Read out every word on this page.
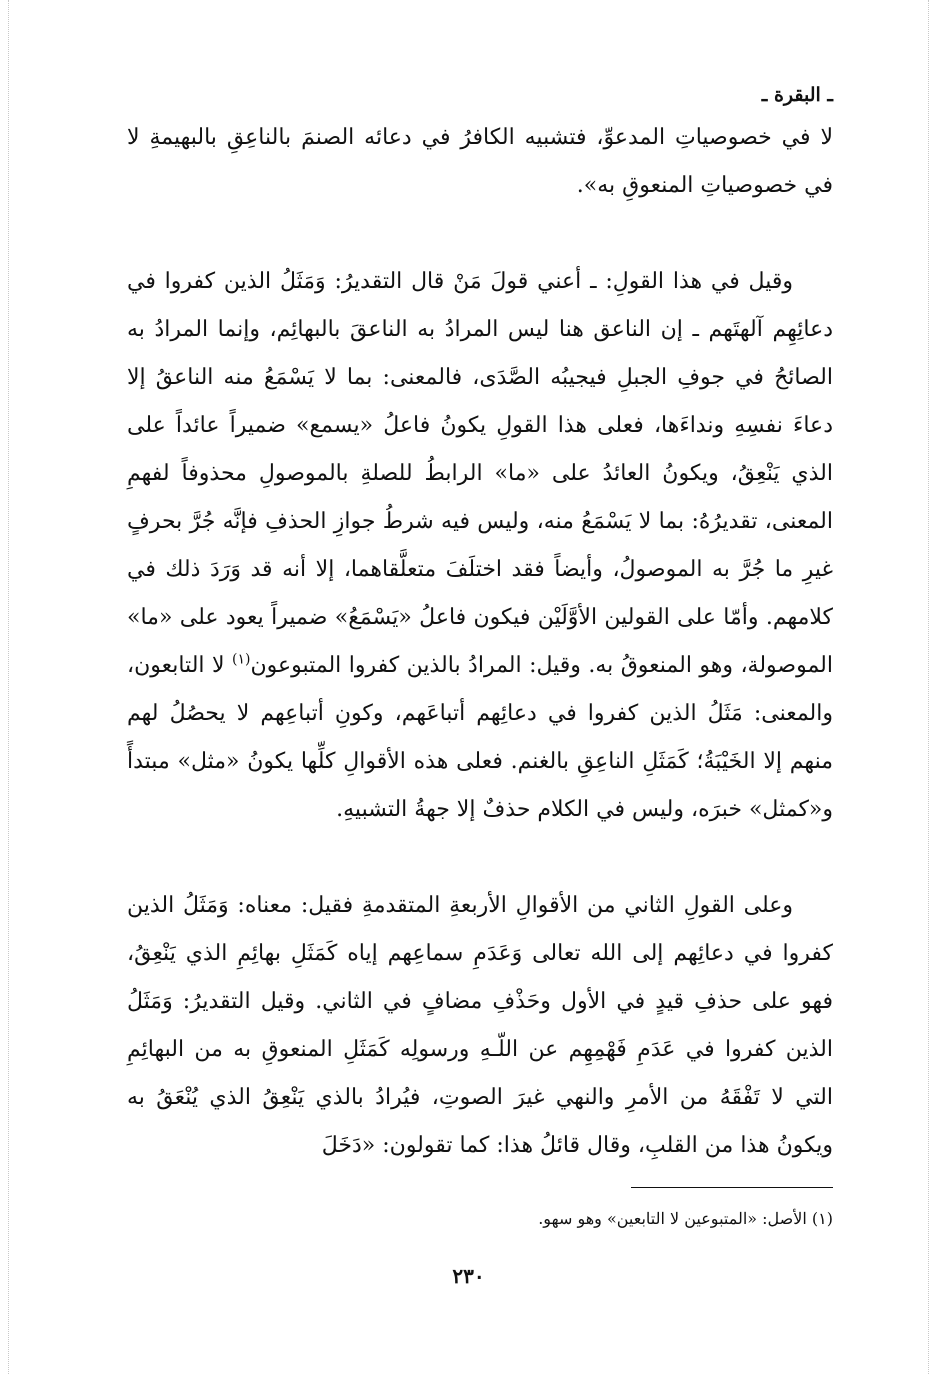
ـ البقرة ـ

لا في خصوصياتِ المدعوِّ، فتشبيه الكافرُ في دعائه الصنمَ بالناعِقِ بالبهيمةِ لا في خصوصياتِ المنعوقِ به».

وقيل في هذا القولِ: ـ أعني قولَ مَنْ قال التقديرُ: وَمَثَلُ الذين كفروا في دعائِهِم آلهتَهم ـ إن الناعق هنا ليس المرادُ به الناعقَ بالبهائِم، وإنما المرادُ به الصائحُ في جوفِ الجبلِ فيجيبُه الصَّدَى، فالمعنى: بما لا يَسْمَعُ منه الناعقُ إلا دعاءَ نفسِهِ ونداءَها، فعلى هذا القولِ يكونُ فاعلُ «يسمع» ضميراً عائداً على الذي يَنْعِقُ، ويكونُ العائدُ على «ما» الرابطُ للصلةِ بالموصولِ محذوفاً لفهمِ المعنى، تقديرُهُ: بما لا يَسْمَعُ منه، وليس فيه شرطُ جوازِ الحذفِ فإنَّه جُرَّ بحرفٍ غيرِ ما جُرَّ به الموصولُ، وأيضاً فقد اختلَفَ متعلَّقاهما، إلا أنه قد وَرَدَ ذلك في كلامهم. وأمّا على القولين الأوَّلَيْن فيكون فاعلُ «يَسْمَعُ» ضميراً يعود على «ما» الموصولة، وهو المنعوقُ به. وقيل: المرادُ بالذين كفروا المتبوعون$^{(١)}$ لا التابعون، والمعنى: مَثَلُ الذين كفروا في دعائِهم أتباعَهم، وكونِ أتباعِهم لا يحصُلُ لهم منهم إلا الخَيْبَةُ؛ كَمَثَلِ الناعِقِ بالغنم. فعلى هذه الأقوالِ كلِّها يكونُ «مثل» مبتدأً و«كمثل» خبرَه، وليس في الكلام حذفٌ إلا جهةُ التشبيهِ.

وعلى القولِ الثاني من الأقوالِ الأربعةِ المتقدمةِ فقيل: معناه: وَمَثَلُ الذين كفروا في دعائِهم إلى الله تعالى وَعَدَمِ سماعِهم إياه كَمَثَلِ بهائِمِ الذي يَنْعِقُ، فهو على حذفِ قيدٍ في الأول وحَذْفِ مضافٍ في الثاني. وقيل التقديرُ: وَمَثَلُ الذين كفروا في عَدَمِ فَهْمِهِم عن اللّـهِ ورسولِه كَمَثَلِ المنعوقِ به من البهائِمِ التي لا تَفْقَهُ من الأمرِ والنهي غيرَ الصوتِ، فيُرادُ بالذي يَنْعِقُ الذي يُنْعَقُ به ويكونُ هذا من القلبِ، وقال قائلُ هذا: كما تقولون: «دَخَلَ

(١) الأصل: «المتبوعين لا التابعين» وهو سهو.
٢٣٠
